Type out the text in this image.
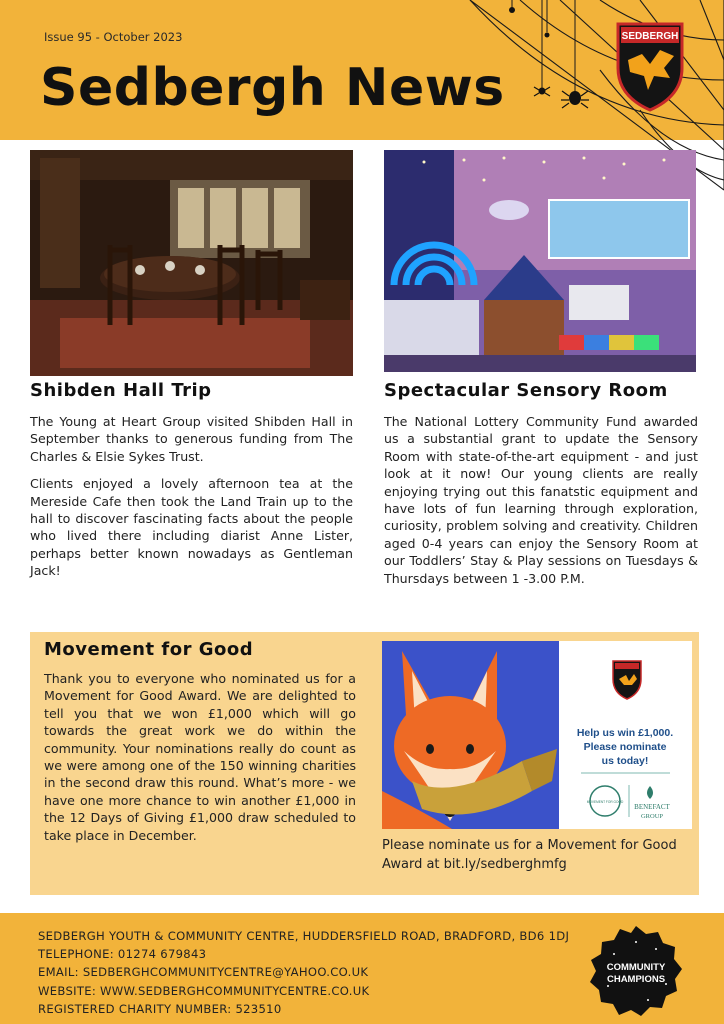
Issue 95 - October 2023
Sedbergh News
SEDBERGH
Shibden Hall Trip

The Young at Heart Group visited Shibden Hall in September thanks to generous funding from The Charles & Elsie Sykes Trust.

Clients enjoyed a lovely afternoon tea at the Mereside Cafe then took the Land Train up to the hall to discover fascinating facts about the people who lived there including diarist Anne Lister, perhaps better known nowadays as Gentleman Jack!

Spectacular Sensory Room
The National Lottery Community Fund awarded us a substantial grant to update the Sensory Room with state-of-the-art equipment - and just look at it now! Our young clients are really enjoying trying out this fanatstic equipment and have lots of fun learning through exploration, curiosity, problem solving and creativity. Children aged 0-4 years can enjoy the Sensory Room at our Toddlers’ Stay & Play sessions on Tuesdays & Thursdays between 1 -3.00 P.M.
Movement for Good
Thank you to everyone who nominated us for a Movement for Good Award. We are delighted to tell you that we won £1,000 which will go towards the great work we do within the community. Your nominations really do count as we were among one of the 150 winning charities in the second draw this round. What’s more - we have one more chance to win another £1,000 in the 12 Days of Giving £1,000 draw scheduled to take place in December.
Help us win £1,000.
Please nominate
us today!
MOVEMENT FOR GOOD
BENEFACT
GROUP
Please nominate us for a Movement for Good Award at bit.ly/sedberghmfg
SEDBERGH YOUTH & COMMUNITY CENTRE, HUDDERSFIELD ROAD, BRADFORD, BD6 1DJ
TELEPHONE: 01274 679843
EMAIL: SEDBERGHCOMMUNITYCENTRE@YAHOO.CO.UK
WEBSITE: WWW.SEDBERGHCOMMUNITYCENTRE.CO.UK
REGISTERED CHARITY NUMBER: 523510
COMMUNITY
CHAMPIONS
